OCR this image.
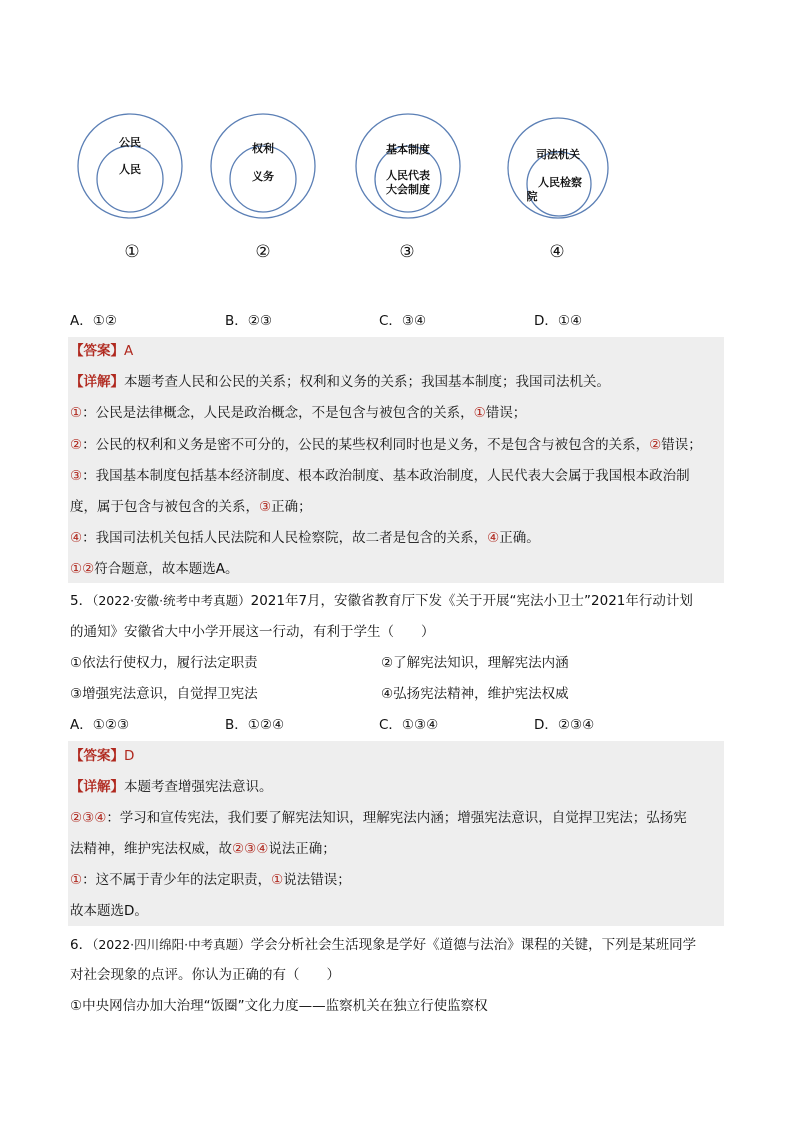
公民
人民
①
权利
义务
②
基本制度
人民代表
大会制度
③
司法机关
人民检察
院
④
A．①②	B．②③	C．③④	D．①④
【答案】A
【详解】本题考查人民和公民的关系；权利和义务的关系；我国基本制度；我国司法机关。
①：公民是法律概念，人民是政治概念，不是包含与被包含的关系，①错误；
②：公民的权利和义务是密不可分的，公民的某些权利同时也是义务，不是包含与被包含的关系，②错误；
③：我国基本制度包括基本经济制度、根本政治制度、基本政治制度，人民代表大会属于我国根本政治制
度，属于包含与被包含的关系，③正确；
④：我国司法机关包括人民法院和人民检察院，故二者是包含的关系，④正确。
①②符合题意，故本题选A。
5．（2022·安徽·统考中考真题）2021年7月，安徽省教育厅下发《关于开展“宪法小卫士”2021年行动计划
的通知》安徽省大中小学开展这一行动，有利于学生（　　）
①依法行使权力，履行法定职责	②了解宪法知识，理解宪法内涵
③增强宪法意识，自觉捍卫宪法	④弘扬宪法精神，维护宪法权威
A．①②③	B．①②④	C．①③④	D．②③④
【答案】D
【详解】本题考查增强宪法意识。
②③④：学习和宣传宪法，我们要了解宪法知识，理解宪法内涵；增强宪法意识，自觉捍卫宪法；弘扬宪
法精神，维护宪法权威，故②③④说法正确；
①：这不属于青少年的法定职责，①说法错误；
故本题选D。
6．（2022·四川绵阳·中考真题）学会分析社会生活现象是学好《道德与法治》课程的关键，下列是某班同学
对社会现象的点评。你认为正确的有（　　）
①中央网信办加大治理“饭圈”文化力度——监察机关在独立行使监察权
